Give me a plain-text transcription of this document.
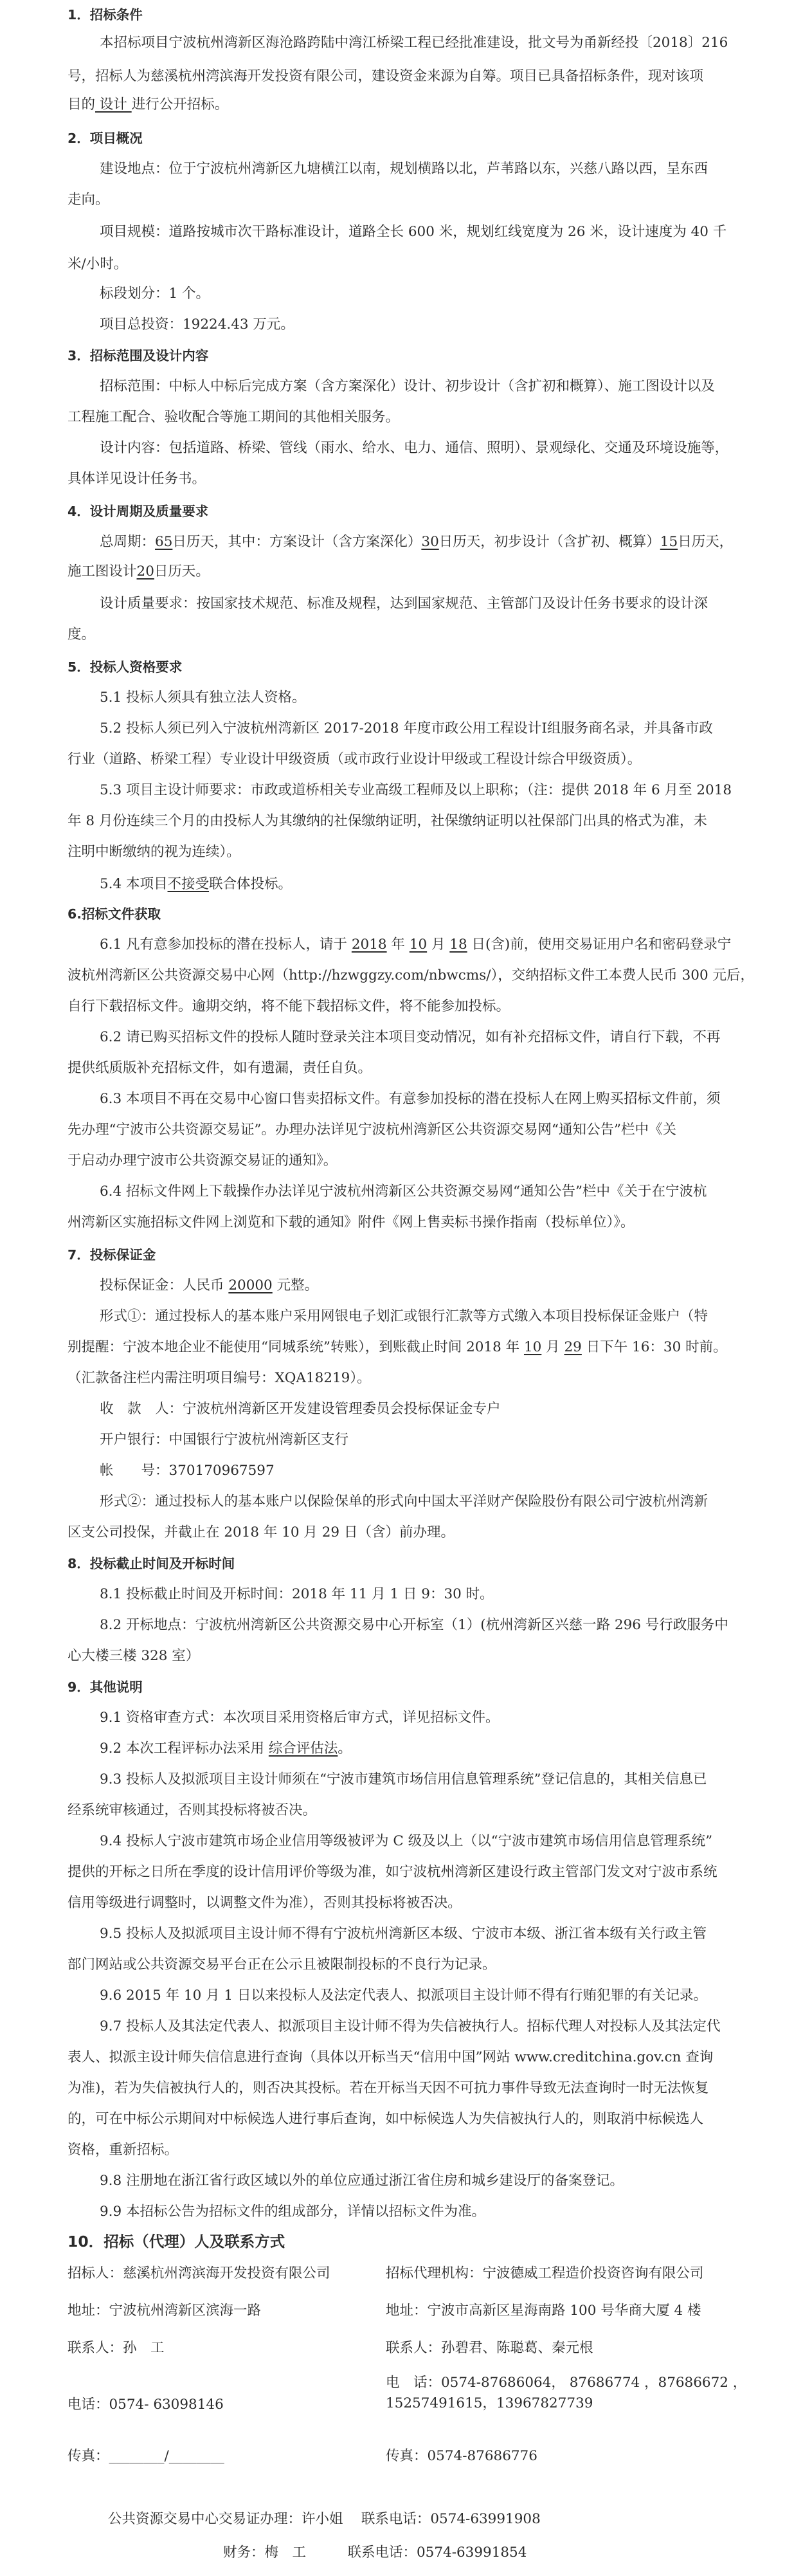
1．招标条件
本招标项目宁波杭州湾新区海沧路跨陆中湾江桥梁工程已经批准建设，批文号为甬新经投〔2018〕216
号，招标人为慈溪杭州湾滨海开发投资有限公司，建设资金来源为自筹。项目已具备招标条件，现对该项
目的 设计 进行公开招标。
2．项目概况
建设地点：位于宁波杭州湾新区九塘横江以南，规划横路以北，芦苇路以东，兴慈八路以西，呈东西
走向。
项目规模：道路按城市次干路标准设计，道路全长 600 米，规划红线宽度为 26 米，设计速度为 40 千
米/小时。
标段划分：1 个。
项目总投资：19224.43 万元。
3．招标范围及设计内容
招标范围：中标人中标后完成方案（含方案深化）设计、初步设计（含扩初和概算）、施工图设计以及
工程施工配合、验收配合等施工期间的其他相关服务。
设计内容：包括道路、桥梁、管线（雨水、给水、电力、通信、照明）、景观绿化、交通及环境设施等，
具体详见设计任务书。
4．设计周期及质量要求
总周期：65日历天，其中：方案设计（含方案深化）30日历天，初步设计（含扩初、概算）15日历天，
施工图设计20日历天。
设计质量要求：按国家技术规范、标准及规程，达到国家规范、主管部门及设计任务书要求的设计深
度。
5．投标人资格要求
5.1 投标人须具有独立法人资格。
5.2 投标人须已列入宁波杭州湾新区 2017-2018 年度市政公用工程设计Ⅰ组服务商名录，并具备市政
行业（道路、桥梁工程）专业设计甲级资质（或市政行业设计甲级或工程设计综合甲级资质）。
5.3 项目主设计师要求：市政或道桥相关专业高级工程师及以上职称；（注：提供 2018 年 6 月至 2018
年 8 月份连续三个月的由投标人为其缴纳的社保缴纳证明，社保缴纳证明以社保部门出具的格式为准，未
注明中断缴纳的视为连续）。
5.4 本项目不接受联合体投标。
6.招标文件获取
6.1 凡有意参加投标的潜在投标人，请于 2018 年 10 月 18 日(含)前，使用交易证用户名和密码登录宁
波杭州湾新区公共资源交易中心网（http://hzwggzy.com/nbwcms/），交纳招标文件工本费人民币 300 元后，
自行下载招标文件。逾期交纳，将不能下载招标文件，将不能参加投标。
6.2 请已购买招标文件的投标人随时登录关注本项目变动情况，如有补充招标文件，请自行下载，不再
提供纸质版补充招标文件，如有遗漏，责任自负。
6.3 本项目不再在交易中心窗口售卖招标文件。有意参加投标的潜在投标人在网上购买招标文件前，须
先办理“宁波市公共资源交易证”。办理办法详见宁波杭州湾新区公共资源交易网“通知公告”栏中《关
于启动办理宁波市公共资源交易证的通知》。
6.4 招标文件网上下载操作办法详见宁波杭州湾新区公共资源交易网“通知公告”栏中《关于在宁波杭
州湾新区实施招标文件网上浏览和下载的通知》附件《网上售卖标书操作指南（投标单位）》。
7．投标保证金
投标保证金：人民币 20000 元整。
形式①：通过投标人的基本账户采用网银电子划汇或银行汇款等方式缴入本项目投标保证金账户（特
别提醒：宁波本地企业不能使用“同城系统”转账），到账截止时间 2018 年 10 月 29 日下午 16：30 时前。
（汇款备注栏内需注明项目编号：XQA18219）。
收　款　人：宁波杭州湾新区开发建设管理委员会投标保证金专户
开户银行：中国银行宁波杭州湾新区支行
帐　　号：370170967597
形式②：通过投标人的基本账户以保险保单的形式向中国太平洋财产保险股份有限公司宁波杭州湾新
区支公司投保，并截止在 2018 年 10 月 29 日（含）前办理。
8．投标截止时间及开标时间
8.1 投标截止时间及开标时间：2018 年 11 月 1 日 9：30 时。
8.2 开标地点：宁波杭州湾新区公共资源交易中心开标室（1）(杭州湾新区兴慈一路 296 号行政服务中
心大楼三楼 328 室）
9．其他说明
9.1 资格审查方式：本次项目采用资格后审方式，详见招标文件。
9.2 本次工程评标办法采用 综合评估法。
9.3 投标人及拟派项目主设计师须在“宁波市建筑市场信用信息管理系统”登记信息的，其相关信息已
经系统审核通过，否则其投标将被否决。
9.4 投标人宁波市建筑市场企业信用等级被评为 C 级及以上（以“宁波市建筑市场信用信息管理系统”
提供的开标之日所在季度的设计信用评价等级为准，如宁波杭州湾新区建设行政主管部门发文对宁波市系统
信用等级进行调整时，以调整文件为准），否则其投标将被否决。
9.5 投标人及拟派项目主设计师不得有宁波杭州湾新区本级、宁波市本级、浙江省本级有关行政主管
部门网站或公共资源交易平台正在公示且被限制投标的不良行为记录。
9.6 2015 年 10 月 1 日以来投标人及法定代表人、拟派项目主设计师不得有行贿犯罪的有关记录。
9.7 投标人及其法定代表人、拟派项目主设计师不得为失信被执行人。招标代理人对投标人及其法定代
表人、拟派主设计师失信信息进行查询（具体以开标当天“信用中国”网站 www.creditchina.gov.cn 查询
为准)，若为失信被执行人的，则否决其投标。若在开标当天因不可抗力事件导致无法查询时一时无法恢复
的，可在中标公示期间对中标候选人进行事后查询，如中标候选人为失信被执行人的，则取消中标候选人
资格，重新招标。
9.8 注册地在浙江省行政区域以外的单位应通过浙江省住房和城乡建设厅的备案登记。
9.9 本招标公告为招标文件的组成部分，详情以招标文件为准。
10．招标（代理）人及联系方式
招标人：慈溪杭州湾滨海开发投资有限公司
地址：宁波杭州湾新区滨海一路
联系人：孙　工
电话：0574- 63098146
传真：________/________
招标代理机构：宁波德威工程造价投资咨询有限公司
地址：宁波市高新区星海南路 100 号华商大厦 4 楼
联系人：孙碧君、陈聪葛、秦元根
电　话：0574-87686064， 87686774 ，87686672 ，
15257491615，13967827739
传真：0574-87686776
公共资源交易中心交易证办理：许小姐　 联系电话：0574-63991908
财务：梅　工　　　联系电话：0574-63991854
